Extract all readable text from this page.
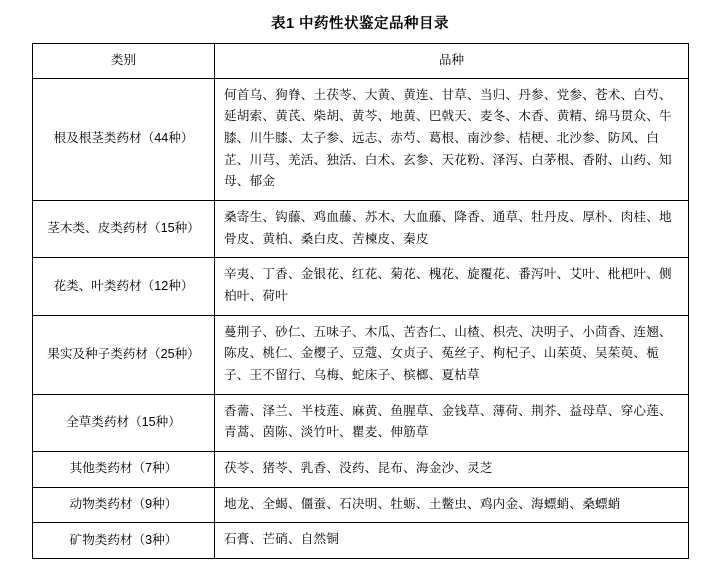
表1 中药性状鉴定品种目录
类别	品种
根及根茎类药材（44种）	何首乌、狗脊、土茯苓、大黄、黄连、甘草、当归、丹参、党参、苍术、白芍、延胡索、黄芪、柴胡、黄芩、地黄、巴戟天、麦冬、木香、黄精、绵马贯众、牛膝、川牛膝、太子参、远志、赤芍、葛根、南沙参、桔梗、北沙参、防风、白芷、川芎、羌活、独活、白术、玄参、天花粉、泽泻、白茅根、香附、山药、知母、郁金
茎木类、皮类药材（15种）	桑寄生、钩藤、鸡血藤、苏木、大血藤、降香、通草、牡丹皮、厚朴、肉桂、地骨皮、黄柏、桑白皮、苦楝皮、秦皮
花类、叶类药材（12种）	辛夷、丁香、金银花、红花、菊花、槐花、旋覆花、番泻叶、艾叶、枇杷叶、侧柏叶、荷叶
果实及种子类药材（25种）	蔓荆子、砂仁、五味子、木瓜、苦杏仁、山楂、枳壳、决明子、小茴香、连翘、陈皮、桃仁、金樱子、豆蔻、女贞子、菟丝子、枸杞子、山茱萸、吴茱萸、栀子、王不留行、乌梅、蛇床子、槟榔、夏枯草
全草类药材（15种）	香薷、泽兰、半枝莲、麻黄、鱼腥草、金钱草、薄荷、荆芥、益母草、穿心莲、青蒿、茵陈、淡竹叶、瞿麦、伸筋草
其他类药材（7种）	茯苓、猪苓、乳香、没药、昆布、海金沙、灵芝
动物类药材（9种）	地龙、全蝎、僵蚕、石决明、牡蛎、土鳖虫、鸡内金、海螵蛸、桑螵蛸
矿物类药材（3种）	石膏、芒硝、自然铜
